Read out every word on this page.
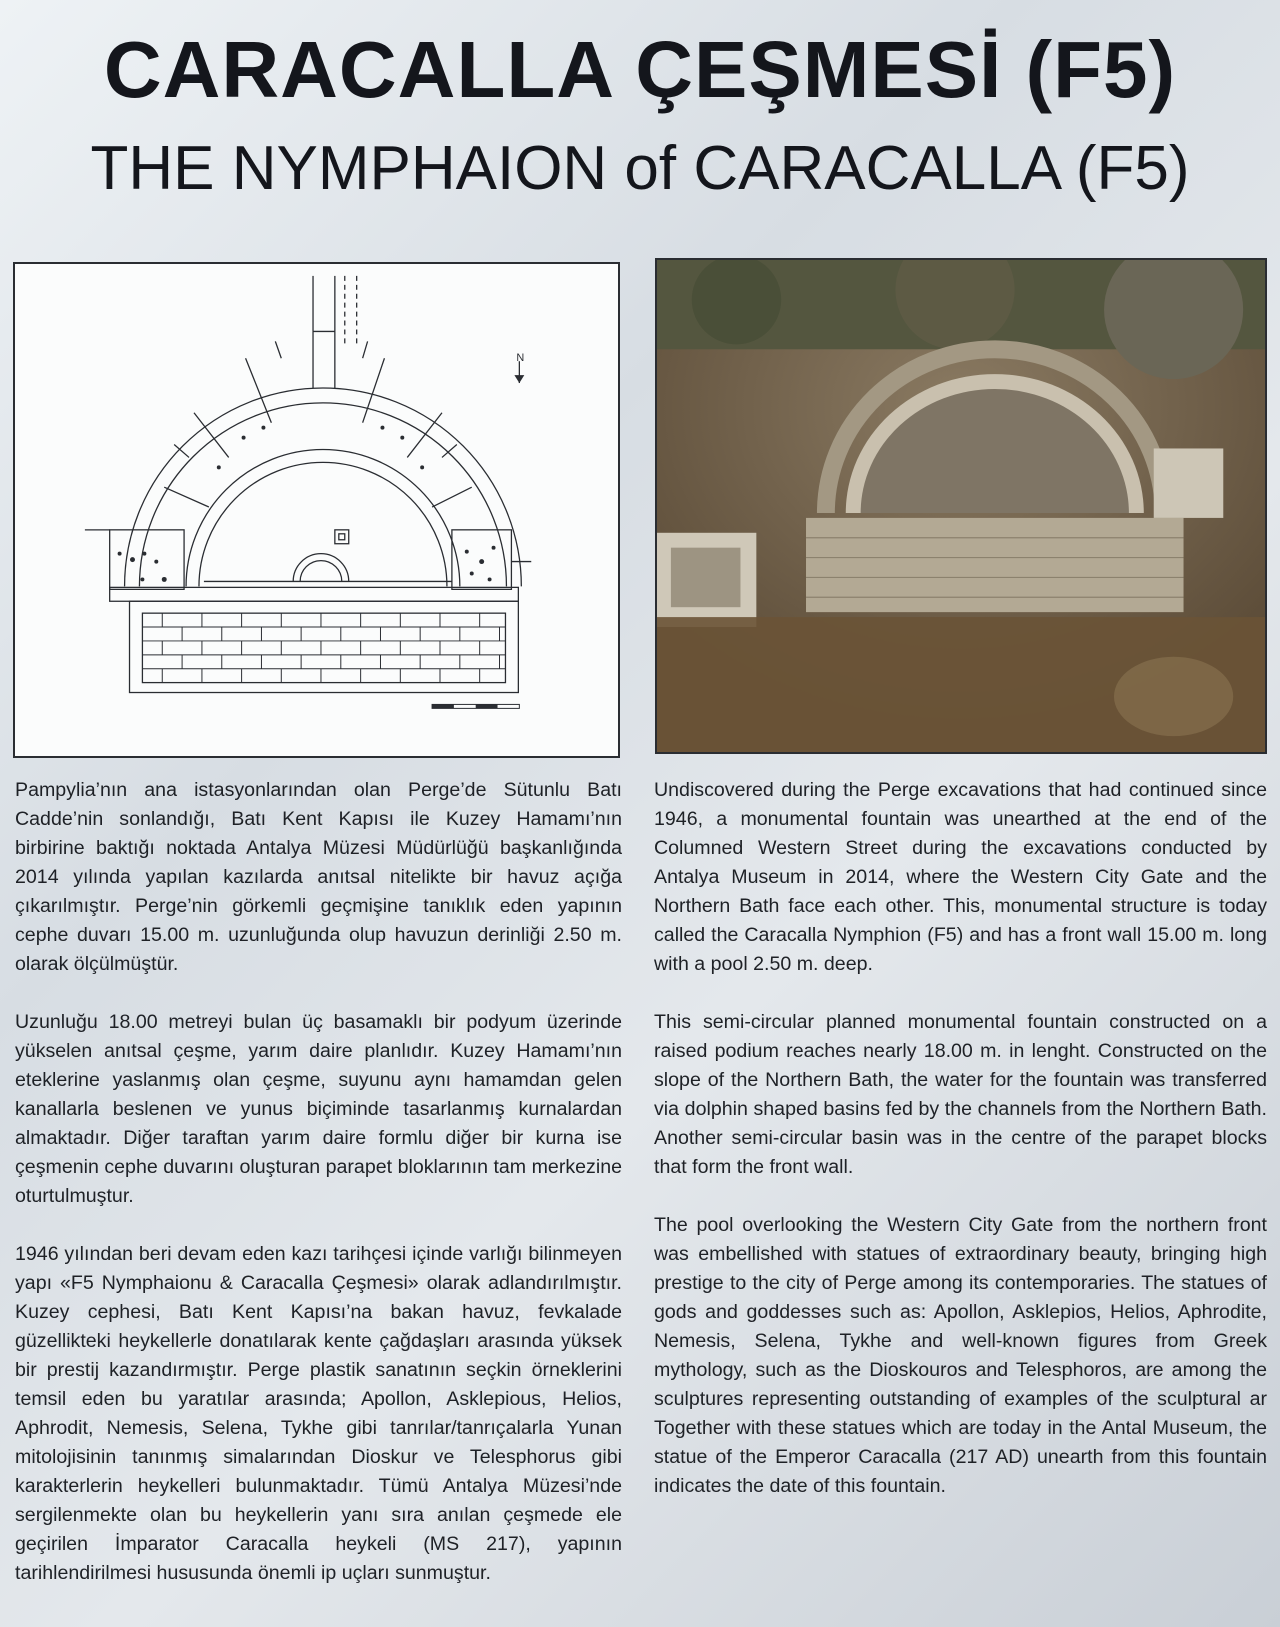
CARACALLA ÇEŞMESİ (F5)
THE NYMPHAION of CARACALLA (F5)
N

Pampylia’nın ana istasyonlarından olan Perge’de Sütunlu Batı Cadde’nin sonlandığı, Batı Kent Kapısı ile Kuzey Hamamı’nın birbirine baktığı noktada Antalya Müzesi Müdürlüğü başkanlığında 2014 yılında yapılan kazılarda anıtsal nitelikte bir havuz açığa çıkarılmıştır. Perge’nin görkemli geçmişine tanıklık eden yapının cephe duvarı 15.00 m. uzunluğunda olup havuzun derinliği 2.50 m. olarak ölçülmüştür.

Uzunluğu 18.00 metreyi bulan üç basamaklı bir podyum üzerinde yükselen anıtsal çeşme, yarım daire planlıdır. Kuzey Hamamı’nın eteklerine yaslanmış olan çeşme, suyunu aynı hamamdan gelen kanallarla beslenen ve yunus biçiminde tasarlanmış kurnalardan almaktadır. Diğer taraftan yarım daire formlu diğer bir kurna ise çeşmenin cephe duvarını oluşturan parapet bloklarının tam merkezine oturtulmuştur.

1946 yılından beri devam eden kazı tarihçesi içinde varlığı bilinmeyen yapı «F5 Nymphaionu & Caracalla Çeşmesi» olarak adlandırılmıştır. Kuzey cephesi, Batı Kent Kapısı’na bakan havuz, fevkalade güzellikteki heykellerle donatılarak kente çağdaşları arasında yüksek bir prestij kazandırmıştır. Perge plastik sanatının seçkin örneklerini temsil eden bu yaratılar arasında; Apollon, Asklepious, Helios, Aphrodit, Nemesis, Selena, Tykhe gibi tanrılar/tanrıçalarla Yunan mitolojisinin tanınmış simalarından Dioskur ve Telesphorus gibi karakterlerin heykelleri bulunmaktadır. Tümü Antalya Müzesi’nde sergilenmekte olan bu heykellerin yanı sıra anılan çeşmede ele geçirilen İmparator Caracalla heykeli (MS 217), yapının tarihlendirilmesi hususunda önemli ip uçları sunmuştur.

Undiscovered during the Perge excavations that had continued since 1946, a monumental fountain was unearthed at the end of the Columned Western Street during the excavations conducted by Antalya Museum in 2014, where the Western City Gate and the Northern Bath face each other. This, monumental structure is today called the Caracalla Nymphion (F5) and has a front wall 15.00 m. long with a pool 2.50 m. deep.

This semi-circular planned monumental fountain constructed on a raised podium reaches nearly 18.00 m. in lenght. Constructed on the slope of the Northern Bath, the water for the fountain was transferred via dolphin shaped basins fed by the channels from the Northern Bath. Another semi-circular basin was in the centre of the parapet blocks that form the front wall.

The pool overlooking the Western City Gate from the northern front was embellished with statues of extraordinary beauty, bringing high prestige to the city of Perge among its contemporaries. The statues of gods and goddesses such as: Apollon, Asklepios, Helios, Aphrodite, Nemesis, Selena, Tykhe and well-known figures from Greek mythology, such as the Dioskouros and Telesphoros, are among the sculptures representing outstanding of examples of the sculptural ar Together with these statues which are today in the Antal Museum, the statue of the Emperor Caracalla (217 AD) unearth from this fountain indicates the date of this fountain.
